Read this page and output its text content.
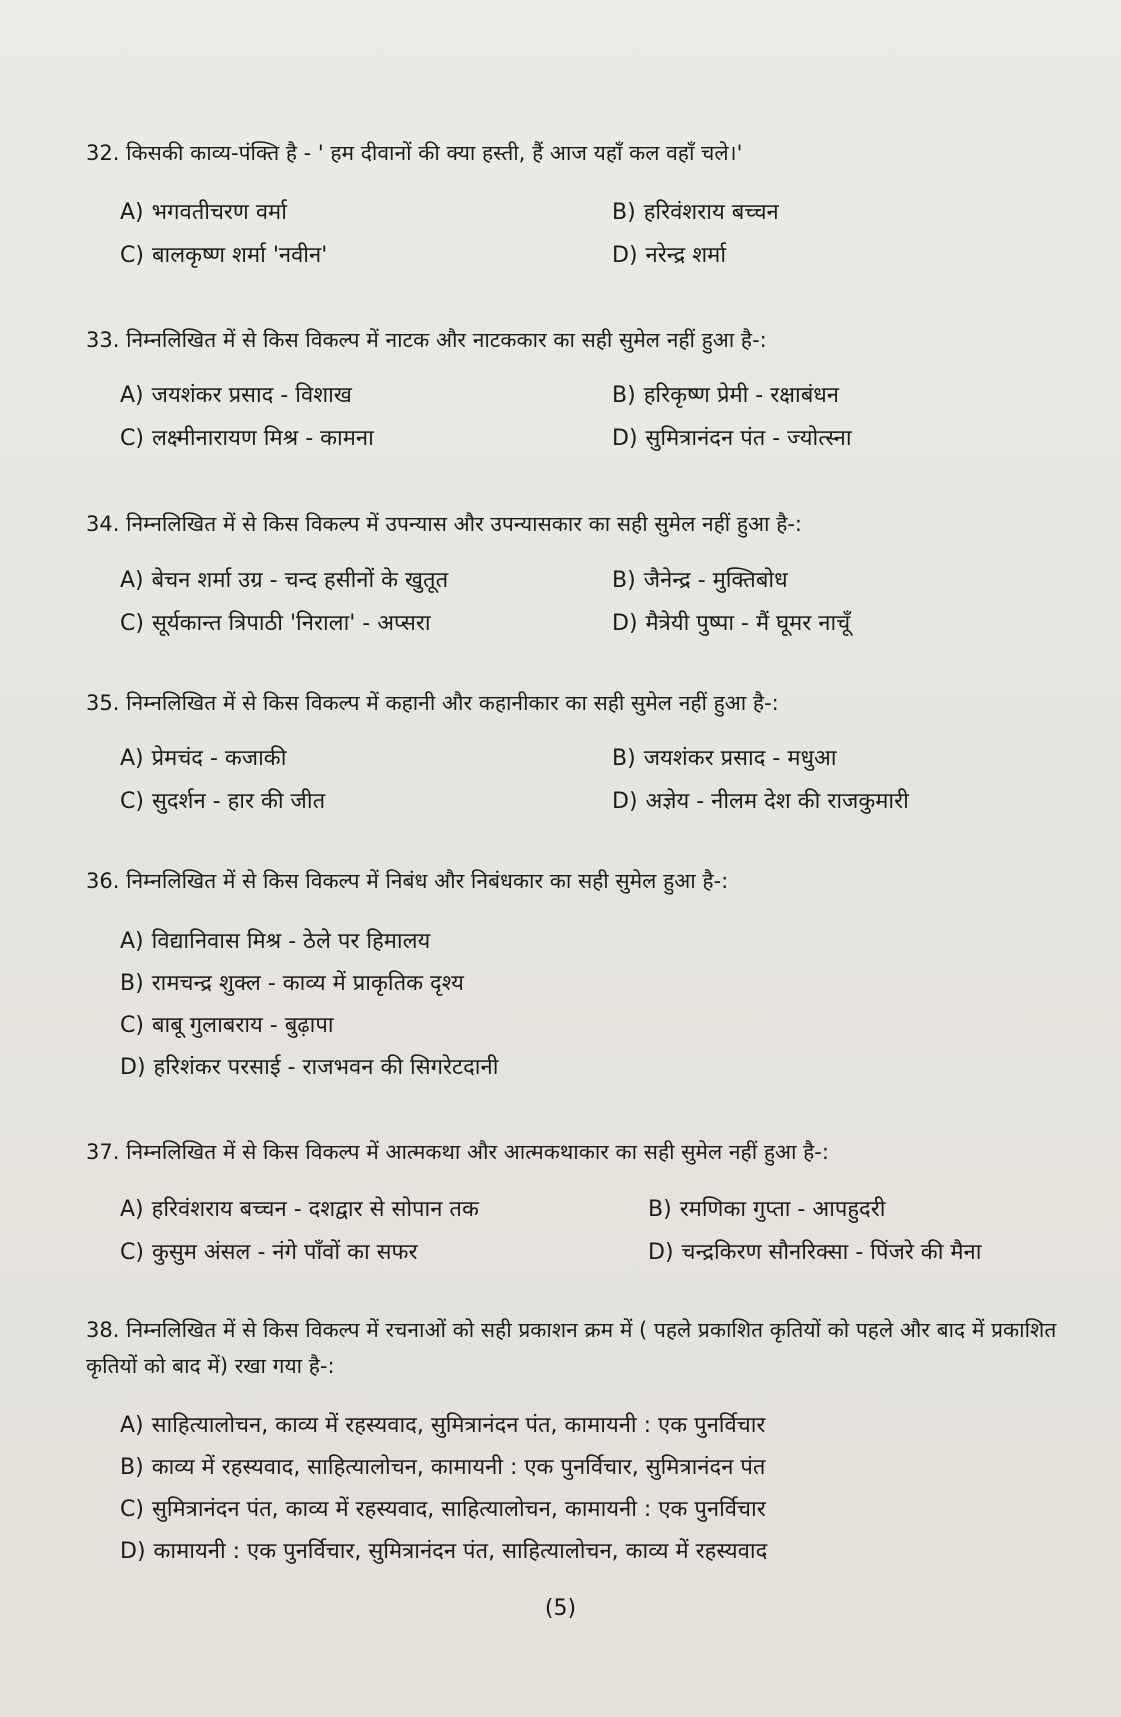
32. किसकी काव्य-पंक्ति है - ' हम दीवानों की क्या हस्ती, हैं आज यहाँ कल वहाँ चले।'
A) भगवतीचरण वर्मा	B) हरिवंशराय बच्चन
C) बालकृष्ण शर्मा 'नवीन'	D) नरेन्द्र शर्मा
33. निम्नलिखित में से किस विकल्प में नाटक और नाटककार का सही सुमेल नहीं हुआ है-:
A) जयशंकर प्रसाद - विशाख	B) हरिकृष्ण प्रेमी - रक्षाबंधन
C) लक्ष्मीनारायण मिश्र - कामना	D) सुमित्रानंदन पंत - ज्योत्स्ना
34. निम्नलिखित में से किस विकल्प में उपन्यास और उपन्यासकार का सही सुमेल नहीं हुआ है-:
A) बेचन शर्मा उग्र - चन्द हसीनों के खुतूत	B) जैनेन्द्र - मुक्तिबोध
C) सूर्यकान्त त्रिपाठी 'निराला' - अप्सरा	D) मैत्रेयी पुष्पा - मैं घूमर नाचूँ
35. निम्नलिखित में से किस विकल्प में कहानी और कहानीकार का सही सुमेल नहीं हुआ है-:
A) प्रेमचंद - कजाकी	B) जयशंकर प्रसाद - मधुआ
C) सुदर्शन - हार की जीत	D) अज्ञेय - नीलम देश की राजकुमारी
36. निम्नलिखित में से किस विकल्प में निबंध और निबंधकार का सही सुमेल हुआ है-:
A) विद्यानिवास मिश्र - ठेले पर हिमालय
B) रामचन्द्र शुक्ल - काव्य में प्राकृतिक दृश्य
C) बाबू गुलाबराय - बुढ़ापा
D) हरिशंकर परसाई - राजभवन की सिगरेटदानी
37. निम्नलिखित में से किस विकल्प में आत्मकथा और आत्मकथाकार का सही सुमेल नहीं हुआ है-:
A) हरिवंशराय बच्चन - दशद्वार से सोपान तक	B) रमणिका गुप्ता - आपहुदरी
C) कुसुम अंसल - नंगे पाँवों का सफर	D) चन्द्रकिरण सौनरिक्सा - पिंजरे की मैना
38. निम्नलिखित में से किस विकल्प में रचनाओं को सही प्रकाशन क्रम में ( पहले प्रकाशित कृतियों को पहले और बाद में प्रकाशित कृतियों को बाद में) रखा गया है-:
A) साहित्यालोचन, काव्य में रहस्यवाद, सुमित्रानंदन पंत, कामायनी : एक पुनर्विचार
B) काव्य में रहस्यवाद, साहित्यालोचन, कामायनी : एक पुनर्विचार, सुमित्रानंदन पंत
C) सुमित्रानंदन पंत, काव्य में रहस्यवाद, साहित्यालोचन, कामायनी : एक पुनर्विचार
D) कामायनी : एक पुनर्विचार, सुमित्रानंदन पंत, साहित्यालोचन, काव्य में रहस्यवाद
(5)
